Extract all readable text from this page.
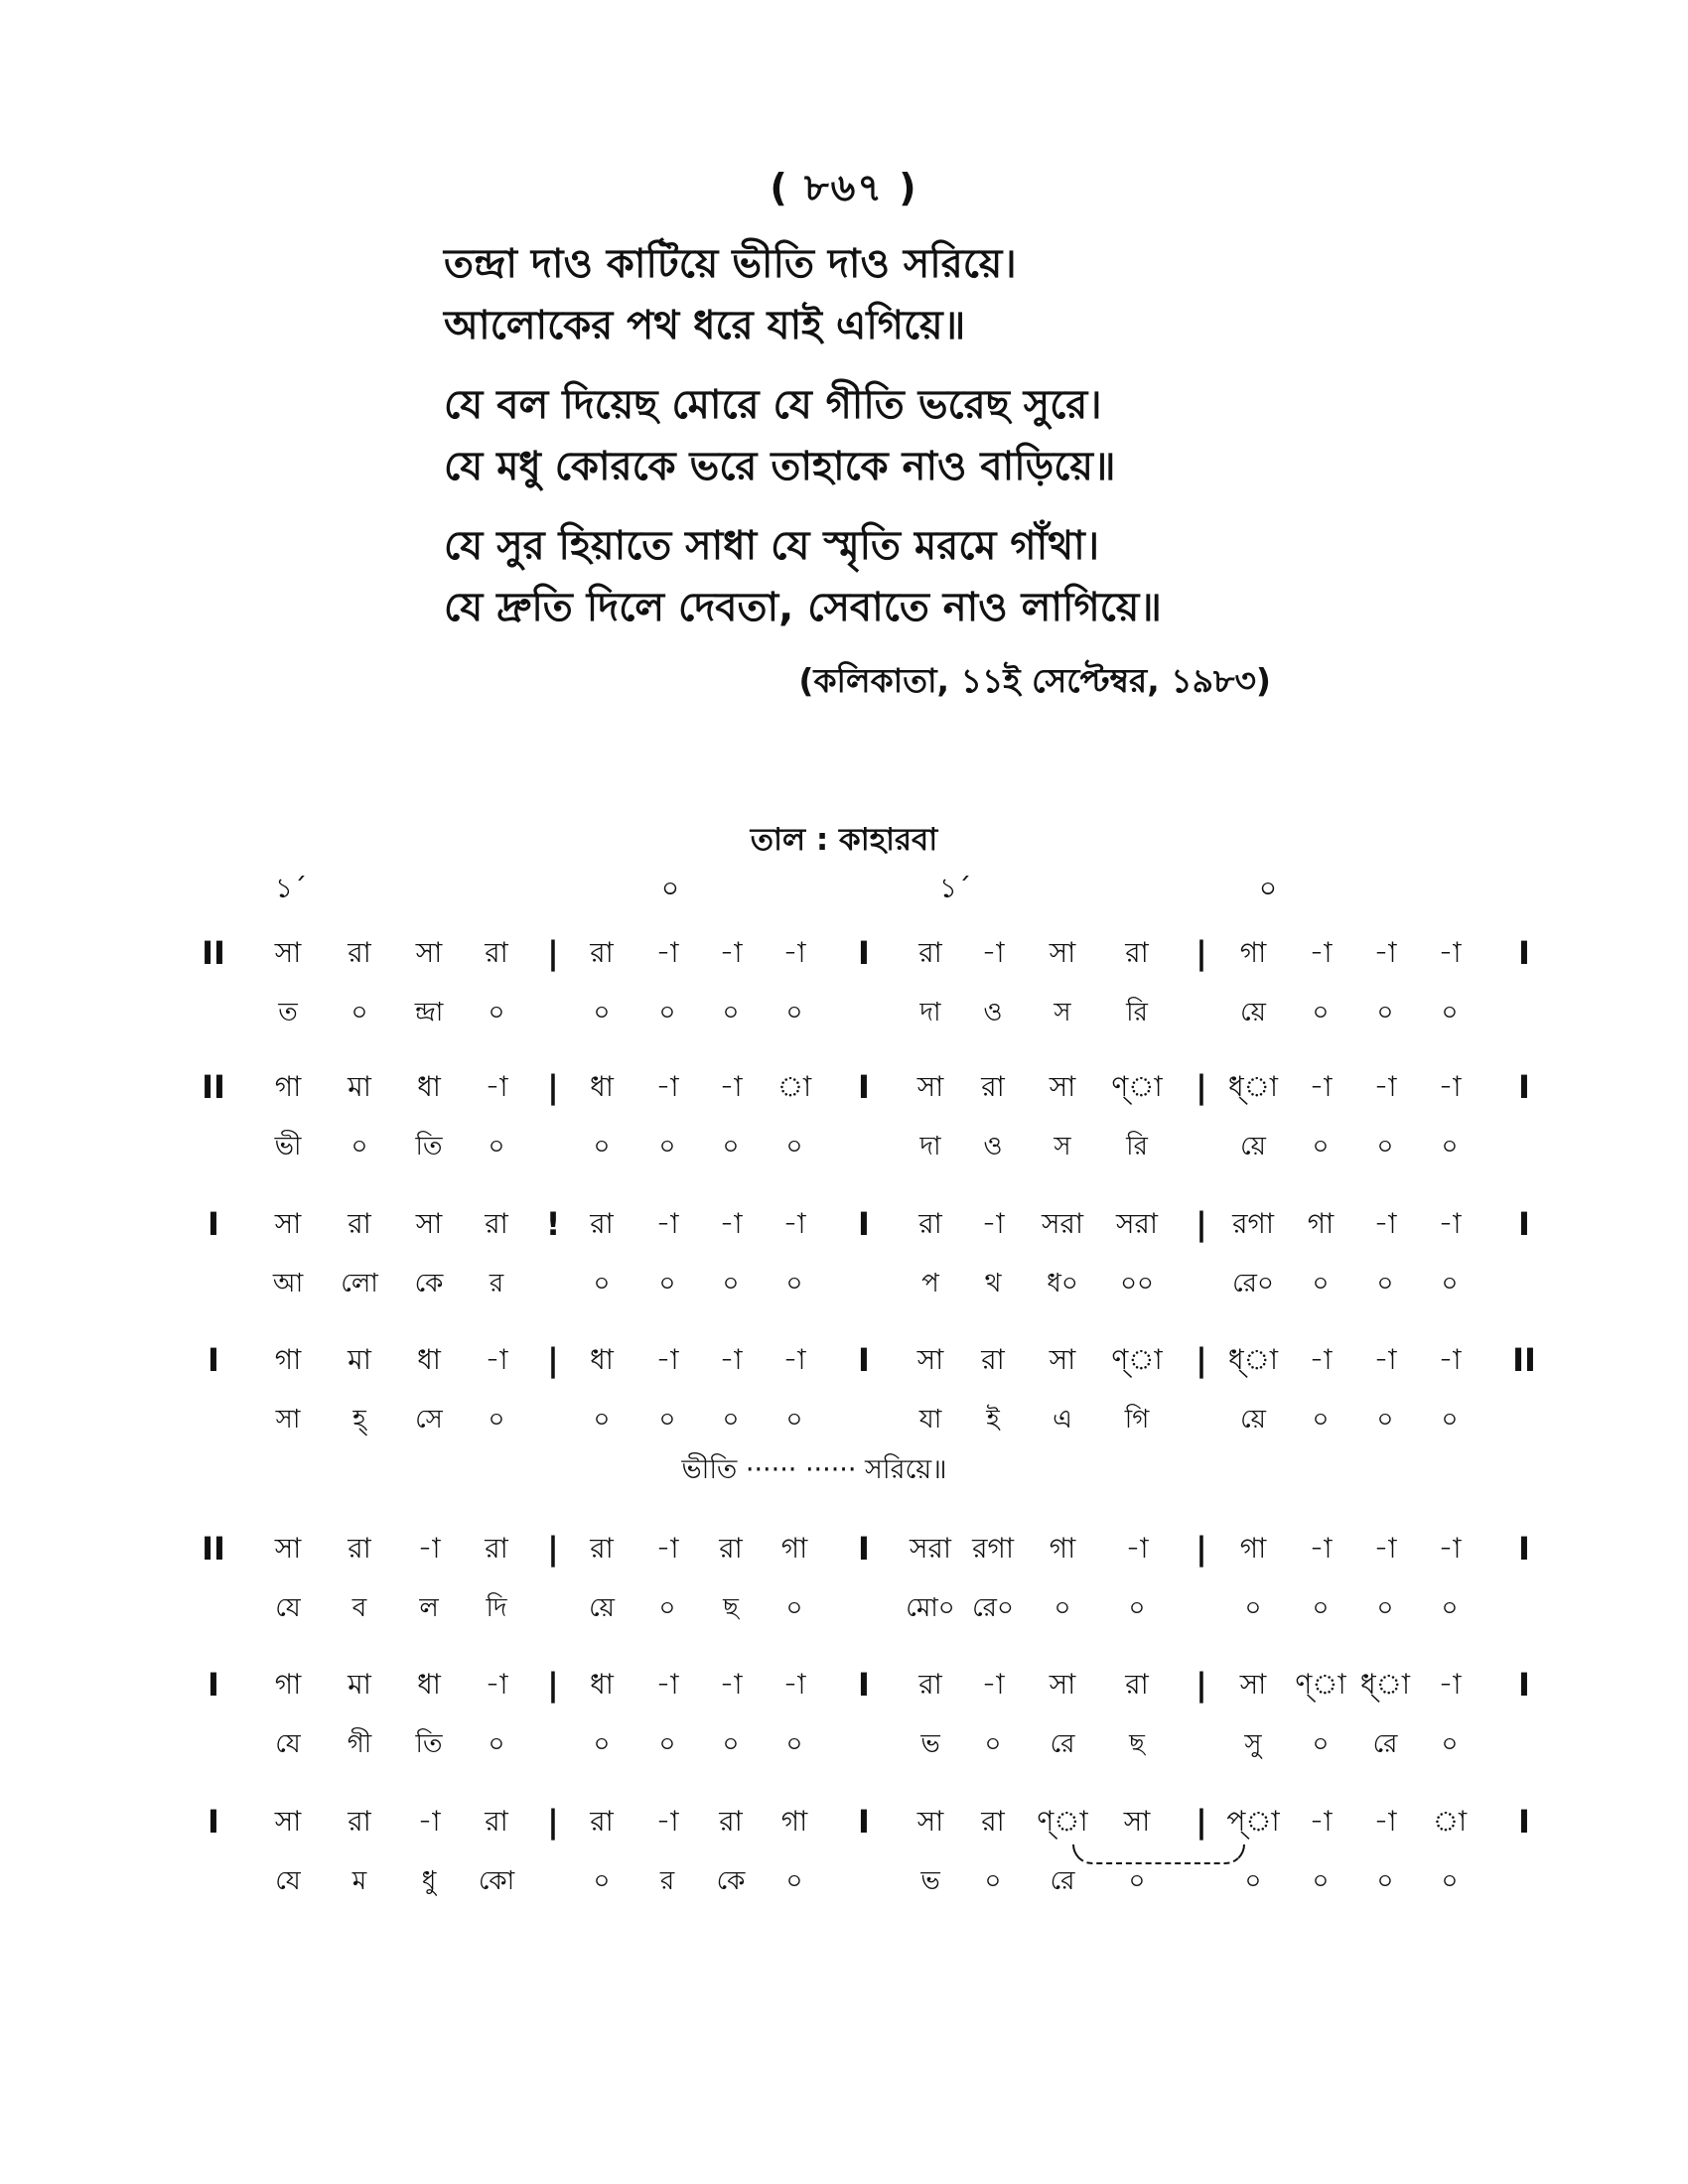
( ৮৬৭ )
তন্দ্রা দাও কাটিয়ে ভীতি দাও সরিয়ে।
আলোকের পথ ধরে যাই এগিয়ে॥
যে বল দিয়েছ মোরে যে গীতি ভরেছ সুরে।
যে মধু কোরকে ভরে তাহাকে নাও বাড়িয়ে॥
যে সুর হিয়াতে সাধা যে স্মৃতি মরমে গাঁথা।
যে দ্রুতি দিলে দেবতা, সেবাতে নাও লাগিয়ে॥
(কলিকাতা, ১১ই সেপ্টেম্বর, ১৯৮৩)
তাল : কাহারবা
১´	০	১´	০
II সা রা সা রা | রা -া -া -া I রা -া সা রা | গা -া -া -া I
ত ০ ন্দ্রা ০	০ ০ ০ ০	দা ও স রি	য়ে ০ ০ ০
II গা মা ধা -া | ধা -া -া া I সা রা সা ণ্া | ধ্া -া -া -া I
ভী ০ তি ০	০ ০ ০ ০	দা ও স রি	য়ে ০ ০ ০
I সা রা সা রা ! রা -া -া -া I রা -া সরা সরা | রগা গা -া -া I
আ লো কে র	০ ০ ০ ০	প থ ধ০ ০০	রে০ ০ ০ ০
I গা মা ধা -া | ধা -া -া -া I সা রা সা ণ্া | ধ্া -া -া -া II
সা হ্ সে ০	০ ০ ০ ০	যা ই এ গি	য়ে ০ ০ ০
II সা রা -া রা | রা -া রা গা I সরা রগা গা -া | গা -া -া -া I
যে ব ল দি	য়ে ০ ছ ০	মো০ রে০ ০ ০	০ ০ ০ ০
I গা মা ধা -া | ধা -া -া -া I রা -া সা রা | সা ণ্া ধ্া -া I
যে গী তি ০	০ ০ ০ ০	ভ ০ রে ছ	সু ০ রে ০
I সা রা -া রা | রা -া রা গা I সা রা ণ্া সা | প্া -া -া া I
যে ম ধু কো	০ র কে ০	ভ ০ রে ০	০ ০ ০ ০
ভীতি ······ ······ সরিয়ে॥
